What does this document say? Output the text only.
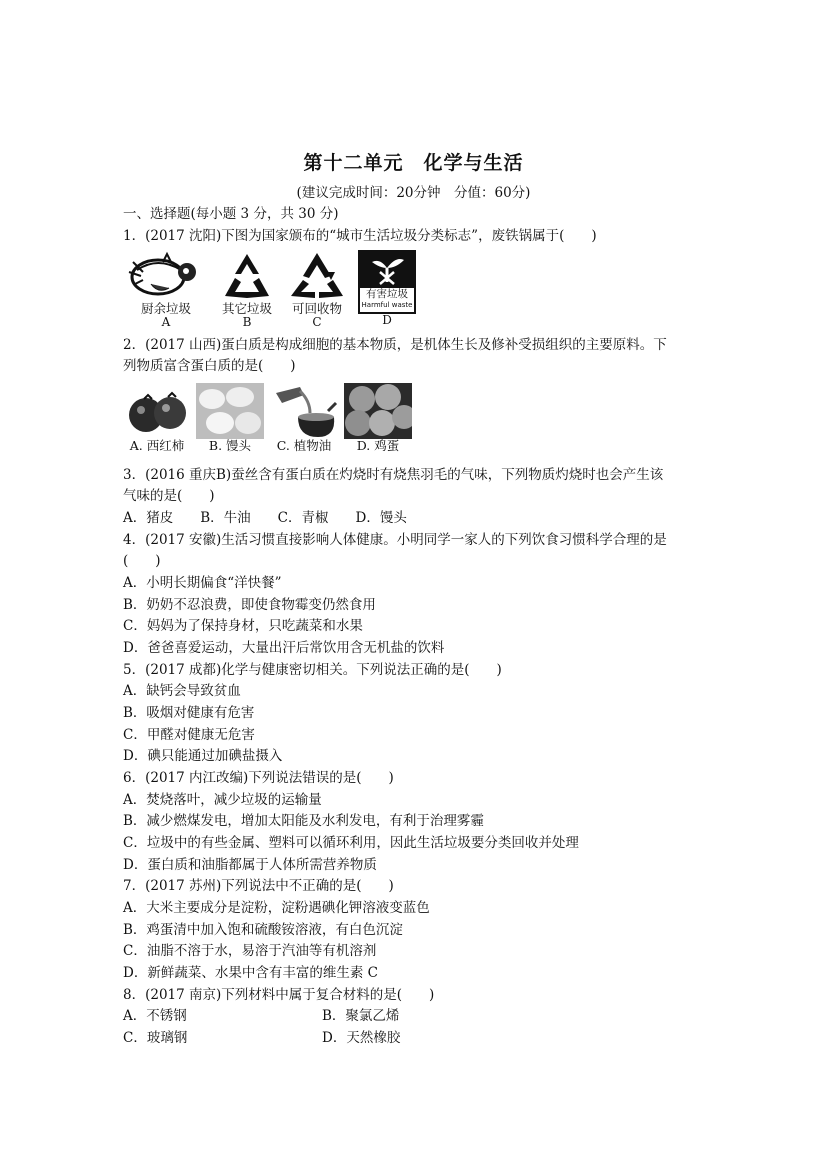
第十二单元　化学与生活
(建议完成时间：20分钟　分值：60分)
一、选择题(每小题 3 分，共 30 分)
1．(2017 沈阳)下图为国家颁布的“城市生活垃圾分类标志”，废铁锅属于(　　)
厨余垃圾
A
其它垃圾
B
可回收物
C
有害垃圾
Harmful waste
D
2．(2017 山西)蛋白质是构成细胞的基本物质，是机体生长及修补受损组织的主要原料。下
列物质富含蛋白质的是(　　)
A. 西红柿 B. 馒头 C. 植物油 D. 鸡蛋
3．(2016 重庆B)蚕丝含有蛋白质在灼烧时有烧焦羽毛的气味，下列物质灼烧时也会产生该
气味的是(　　)
A．猪皮　　B．牛油　　C．青椒　　D．馒头
4．(2017 安徽)生活习惯直接影响人体健康。小明同学一家人的下列饮食习惯科学合理的是
(　　)
A．小明长期偏食“洋快餐”
B．奶奶不忍浪费，即使食物霉变仍然食用
C．妈妈为了保持身材，只吃蔬菜和水果
D．爸爸喜爱运动，大量出汗后常饮用含无机盐的饮料
5．(2017 成都)化学与健康密切相关。下列说法正确的是(　　)
A．缺钙会导致贫血
B．吸烟对健康有危害
C．甲醛对健康无危害
D．碘只能通过加碘盐摄入
6．(2017 内江改编)下列说法错误的是(　　)
A．焚烧落叶，减少垃圾的运输量
B．减少燃煤发电，增加太阳能及水利发电，有利于治理雾霾
C．垃圾中的有些金属、塑料可以循环利用，因此生活垃圾要分类回收并处理
D．蛋白质和油脂都属于人体所需营养物质
7．(2017 苏州)下列说法中不正确的是(　　)
A．大米主要成分是淀粉，淀粉遇碘化钾溶液变蓝色
B．鸡蛋清中加入饱和硫酸铵溶液，有白色沉淀
C．油脂不溶于水，易溶于汽油等有机溶剂
D．新鲜蔬菜、水果中含有丰富的维生素 C
8．(2017 南京)下列材料中属于复合材料的是(　　)
A．不锈钢	B．聚氯乙烯
C．玻璃钢	D．天然橡胶
